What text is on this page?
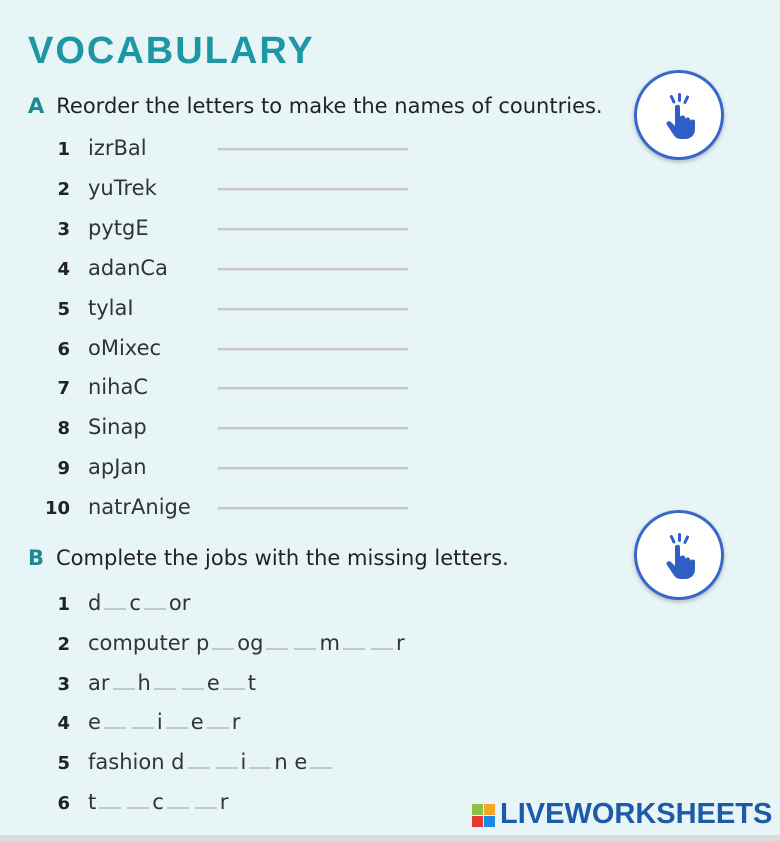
VOCABULARY
A Reorder the letters to make the names of countries.
1 izrBal
2 yuTrek
3 pytgE
4 adanCa
5 tylaI
6 oMixec
7 nihaC
8 Sinap
9 apJan
10 natrAnige
B Complete the jobs with the missing letters.
1 d c or
2 computer p og	m	r
3 ar h	e t
4 e	i e r
5 fashion d	i n e
6 t	c	r	LIVEWORKSHEETS
